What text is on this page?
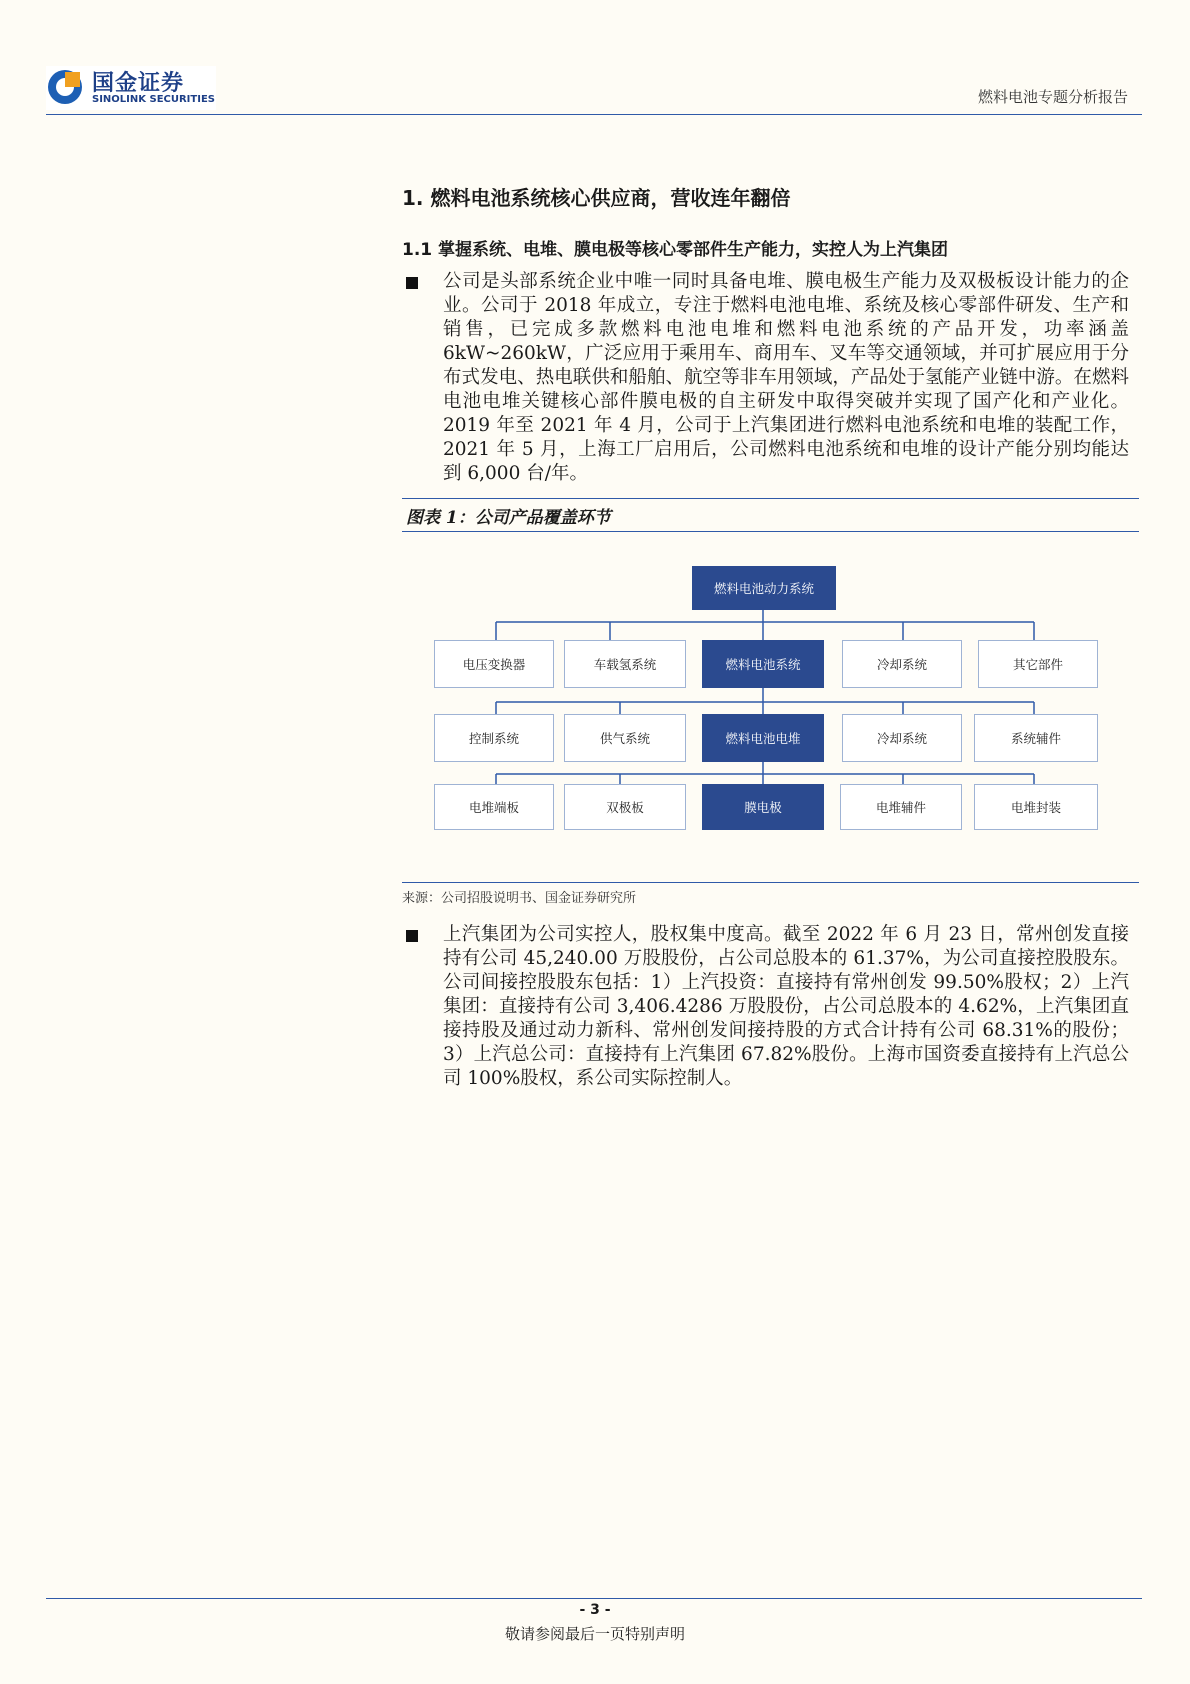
国金证券
SINOLINK SECURITIES	燃料电池专题分析报告
1. 燃料电池系统核心供应商，营收连年翻倍
1.1 掌握系统、电堆、膜电极等核心零部件生产能力，实控人为上汽集团
公司是头部系统企业中唯一同时具备电堆、膜电极生产能力及双极板设计能力的企业。公司于 2018 年成立，专注于燃料电池电堆、系统及核心零部件研发、生产和销售，已完成多款燃料电池电堆和燃料电池系统的产品开发，功率涵盖 6kW~260kW，广泛应用于乘用车、商用车、叉车等交通领域，并可扩展应用于分布式发电、热电联供和船舶、航空等非车用领域，产品处于氢能产业链中游。在燃料电池电堆关键核心部件膜电极的自主研发中取得突破并实现了国产化和产业化。2019 年至 2021 年 4 月，公司于上汽集团进行燃料电池系统和电堆的装配工作，2021 年 5 月，上海工厂启用后，公司燃料电池系统和电堆的设计产能分别均能达到 6,000 台/年。
图表 1：公司产品覆盖环节
燃料电池动力系统
电压变换器	车载氢系统	燃料电池系统	冷却系统	其它部件
控制系统	供气系统	燃料电池电堆	冷却系统	系统辅件
电堆端板	双极板	膜电极	电堆辅件	电堆封装
来源：公司招股说明书、国金证券研究所
上汽集团为公司实控人，股权集中度高。截至 2022 年 6 月 23 日，常州创发直接持有公司 45,240.00 万股股份，占公司总股本的 61.37%，为公司直接控股股东。公司间接控股股东包括：1）上汽投资：直接持有常州创发 99.50%股权；2）上汽集团：直接持有公司 3,406.4286 万股股份，占公司总股本的 4.62%，上汽集团直接持股及通过动力新科、常州创发间接持股的方式合计持有公司 68.31%的股份；3）上汽总公司：直接持有上汽集团 67.82%股份。上海市国资委直接持有上汽总公司 100%股权，系公司实际控制人。
- 3 -
敬请参阅最后一页特别声明
